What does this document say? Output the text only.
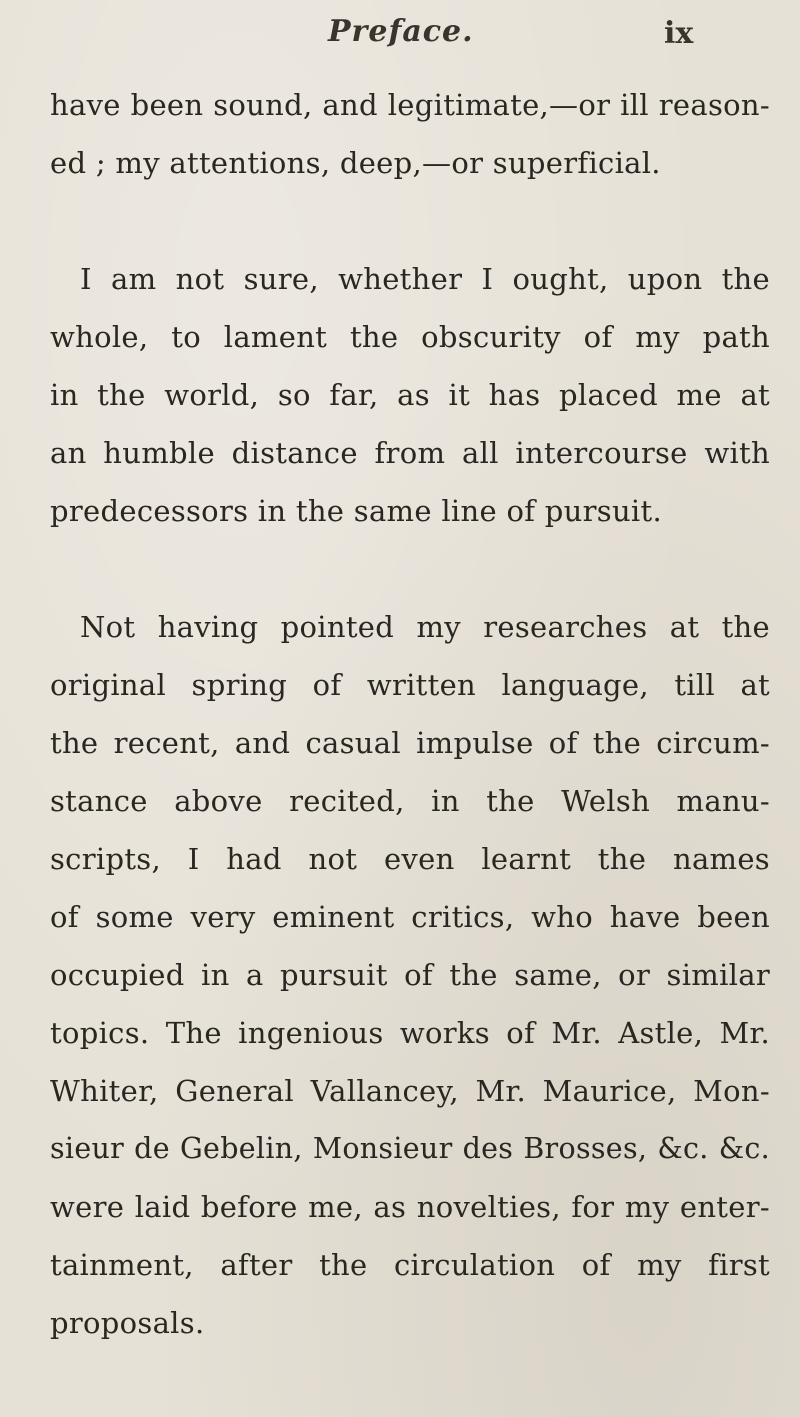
Preface.	ix
have been sound, and legitimate,—or ill reason-
ed ; my attentions, deep,—or superficial.
I am not sure, whether I ought, upon the
whole, to lament the obscurity of my path
in the world, so far, as it has placed me at
an humble distance from all intercourse with
predecessors in the same line of pursuit.
Not having pointed my researches at the
original spring of written language, till at
the recent, and casual impulse of the circum-
stance above recited, in the Welsh manu-
scripts, I had not even learnt the names
of some very eminent critics, who have been
occupied in a pursuit of the same, or similar
topics. The ingenious works of Mr. Astle, Mr.
Whiter, General Vallancey, Mr. Maurice, Mon-
sieur de Gebelin, Monsieur des Brosses, &c. &c.
were laid before me, as novelties, for my enter-
tainment, after the circulation of my first
proposals.
